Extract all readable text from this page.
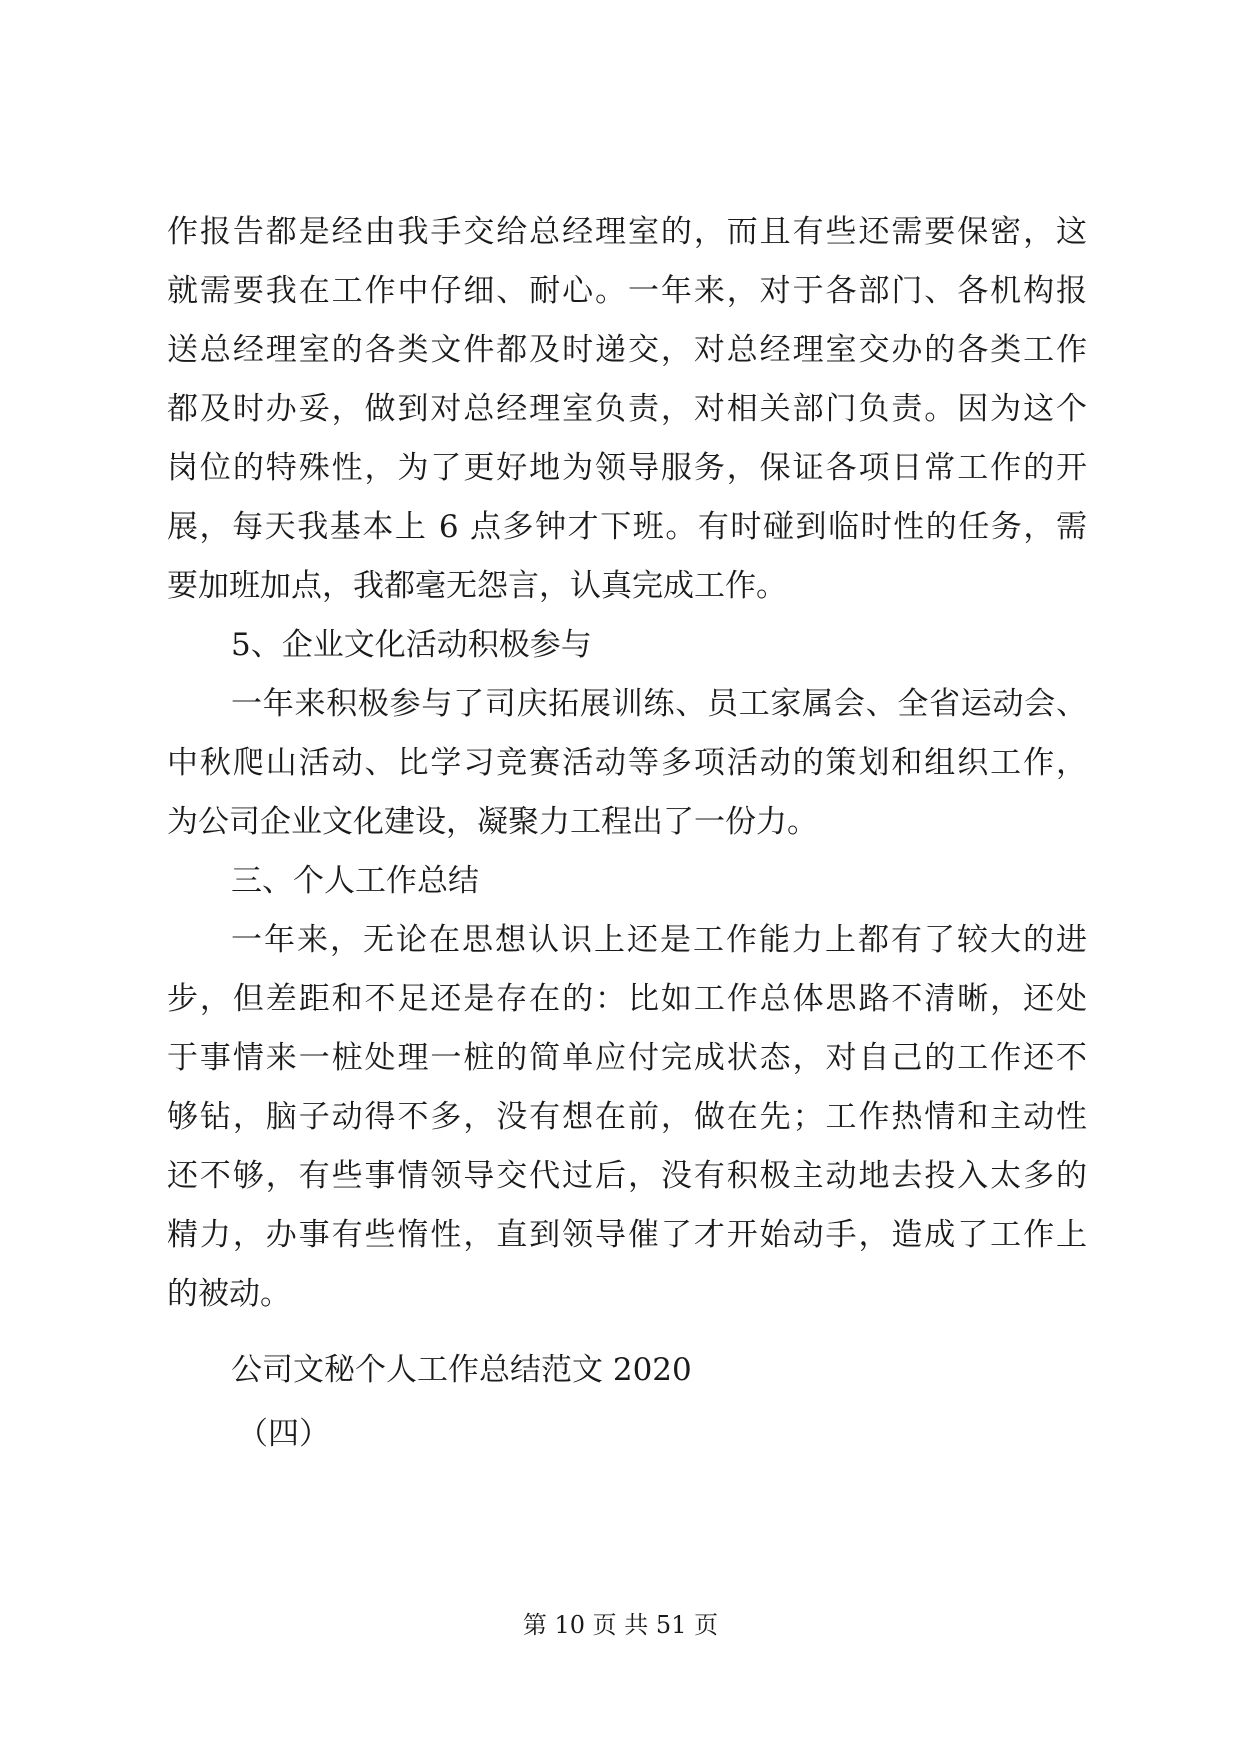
作报告都是经由我手交给总经理室的，而且有些还需要保密，这
就需要我在工作中仔细、耐心。一年来，对于各部门、各机构报
送总经理室的各类文件都及时递交，对总经理室交办的各类工作
都及时办妥，做到对总经理室负责，对相关部门负责。因为这个
岗位的特殊性，为了更好地为领导服务，保证各项日常工作的开
展，每天我基本上 6 点多钟才下班。有时碰到临时性的任务，需
要加班加点，我都毫无怨言，认真完成工作。
5、企业文化活动积极参与
一年来积极参与了司庆拓展训练、员工家属会、全省运动会、
中秋爬山活动、比学习竞赛活动等多项活动的策划和组织工作，
为公司企业文化建设，凝聚力工程出了一份力。
三、个人工作总结
一年来，无论在思想认识上还是工作能力上都有了较大的进
步，但差距和不足还是存在的：比如工作总体思路不清晰，还处
于事情来一桩处理一桩的简单应付完成状态，对自己的工作还不
够钻，脑子动得不多，没有想在前，做在先；工作热情和主动性
还不够，有些事情领导交代过后，没有积极主动地去投入太多的
精力，办事有些惰性，直到领导催了才开始动手，造成了工作上
的被动。
公司文秘个人工作总结范文 2020
（四）
第 10 页 共 51 页
